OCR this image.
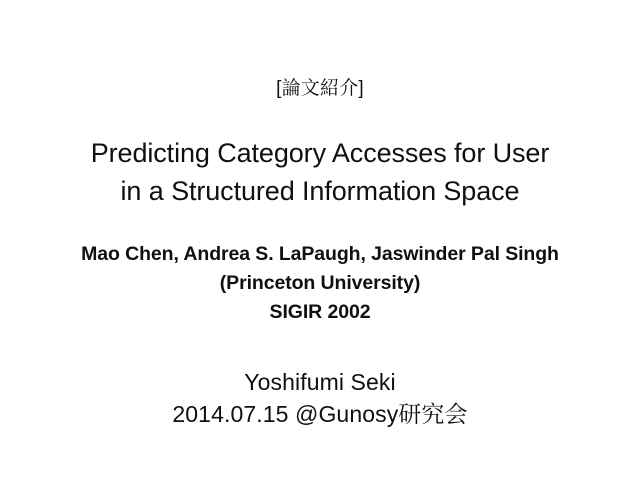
[論文紹介]
Predicting Category Accesses for User
in a Structured Information Space
Mao Chen, Andrea S. LaPaugh, Jaswinder Pal Singh
(Princeton University)
SIGIR 2002
Yoshifumi Seki
2014.07.15 @Gunosy研究会
